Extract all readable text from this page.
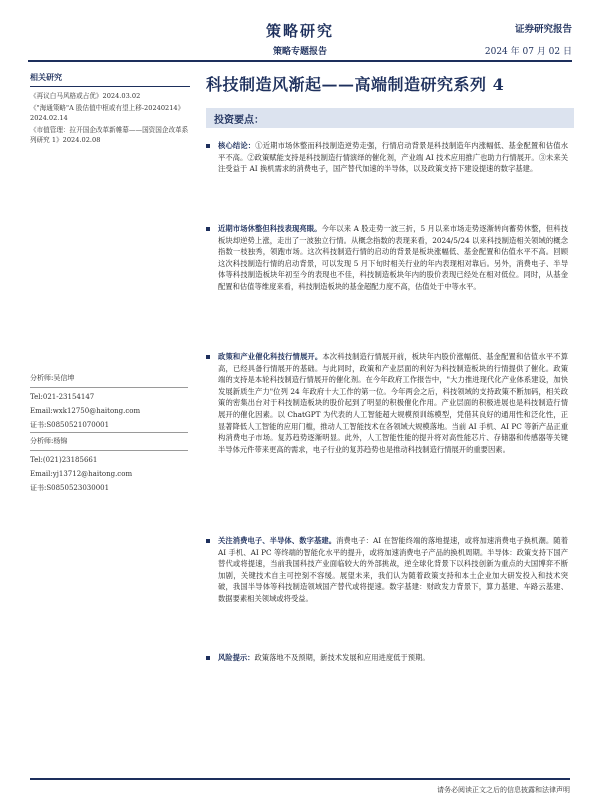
策略研究
策略专题报告
证券研究报告
2024 年 07 月 02 日
相关研究
《再议白马风格或占优》2024.03.02
《"海通策略"A 股估值中枢或有望上移-20240214》2024.02.14
《市值管理：拉开国企改革新帷幕——国资国企改革系列研究 1》2024.02.08
分析师:吴信坤
Tel:021-23154147
Email:wxk12750@haitong.com
证书:S0850521070001
分析师:杨锦
Tel:(021)23185661
Email:yj13712@haitong.com
证书:S0850523030001
科技制造风渐起——高端制造研究系列 4
投资要点：
核心结论：①近期市场休整而科技制造逆势走强，行情启动背景是科技制造年内涨幅低、基金配置和估值水平不高。②政策赋能支持是科技制造行情演绎的催化剂，产业端 AI 技术应用推广也助力行情展开。③未来关注受益于 AI 换机需求的消费电子，国产替代加速的半导体，以及政策支持下建设提速的数字基建。
近期市场休整但科技表现亮眼。今年以来 A 股走势一波三折，5 月以来市场走势逐渐转向蓄势休整，但科技板块却逆势上涨，走出了一波独立行情。从概念指数的表现来看，2024/5/24 以来科技制造相关领域的概念指数一枝独秀，领跑市场。这次科技制造行情的启动的背景是板块涨幅低、基金配置和估值水平不高。回顾这次科技制造行情的启动背景，可以发现 5 月下旬时相关行业的年内表现相对靠后。另外，消费电子、半导体等科技制造板块年初至今的表现也不佳，科技制造板块年内的股价表现已经处在相对低位。同时，从基金配置和估值等维度来看，科技制造板块的基金超配力度不高，估值处于中等水平。
政策和产业催化科技行情展开。本次科技制造行情展开前，板块年内股价涨幅低、基金配置和估值水平不算高，已经具备行情展开的基础。与此同时，政策和产业层面的利好为科技制造板块的行情提供了催化。政策端的支持是本轮科技制造行情展开的催化剂。在今年政府工作报告中，"大力推进现代化产业体系建设，加快发展新质生产力"位列 24 年政府十大工作的第一位。今年两会之后，科技领域的支持政策不断加码，相关政策的密集出台对于科技制造板块的股价起到了明显的积极催化作用。产业层面的积极进展也是科技制造行情展开的催化因素。以 ChatGPT 为代表的人工智能超大规模预训练模型，凭借其良好的通用性和泛化性，正显著降低人工智能的应用门槛，推动人工智能技术在各领域大规模落地。当前 AI 手机、AI PC 等新产品正重构消费电子市场。复苏趋势逐渐明显。此外，人工智能性能的提升将对高性能芯片、存储器和传感器等关键半导体元件带来更高的需求，电子行业的复苏趋势也是推动科技制造行情展开的重要因素。
关注消费电子、半导体、数字基建。消费电子：AI 在智能终端的落地提速，或将加速消费电子换机潮。随着 AI 手机、AI PC 等终端的智能化水平的提升，或将加速消费电子产品的换机周期。半导体：政策支持下国产替代或将提速，当前我国科技产业面临较大的外部挑战，逆全球化背景下以科技创新为重点的大国博弈不断加剧，关键技术自主可控刻不容缓。展望未来，我们认为随着政策支持和本土企业加大研发投入和技术突破，我国半导体等科技制造领域国产替代或将提速。数字基建：财政发力背景下，算力基建、车路云基建、数据要素相关领域或将受益。
风险提示：政策落地不及预期，新技术发展和应用进度低于预期。
请务必阅读正文之后的信息披露和法律声明
